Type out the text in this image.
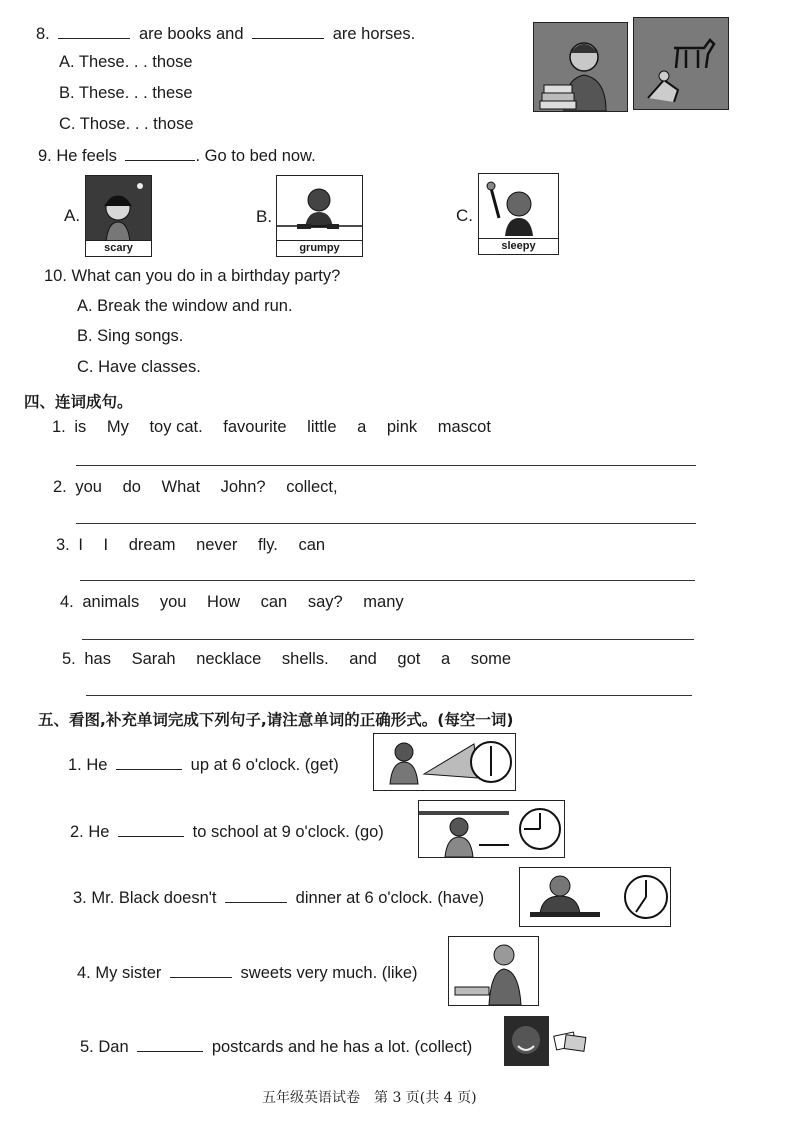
8.	are books and	are horses.
A. These. . . those
B. These. . . these
C. Those. . . those
9. He feels	. Go to bed now.
A.
scary
B.
grumpy
C.
sleepy
10. What can you do in a birthday party?
A. Break the window and run.
B. Sing songs.
C. Have classes.
四、连词成句。
1. is My toy cat. favourite little a pink mascot
2. you do What John? collect,
3. I I dream never fly. can
4. animals you How can say? many
5. has Sarah necklace shells. and got a some
五、看图,补充单词完成下列句子,请注意单词的正确形式。(每空一词)
1. He	up at 6 o'clock. (get)
2. He	to school at 9 o'clock. (go)
3. Mr. Black doesn't	dinner at 6 o'clock. (have)
4. My sister	sweets very much. (like)
5. Dan	postcards and he has a lot. (collect)
五年级英语试卷　第 3 页(共 4 页)
